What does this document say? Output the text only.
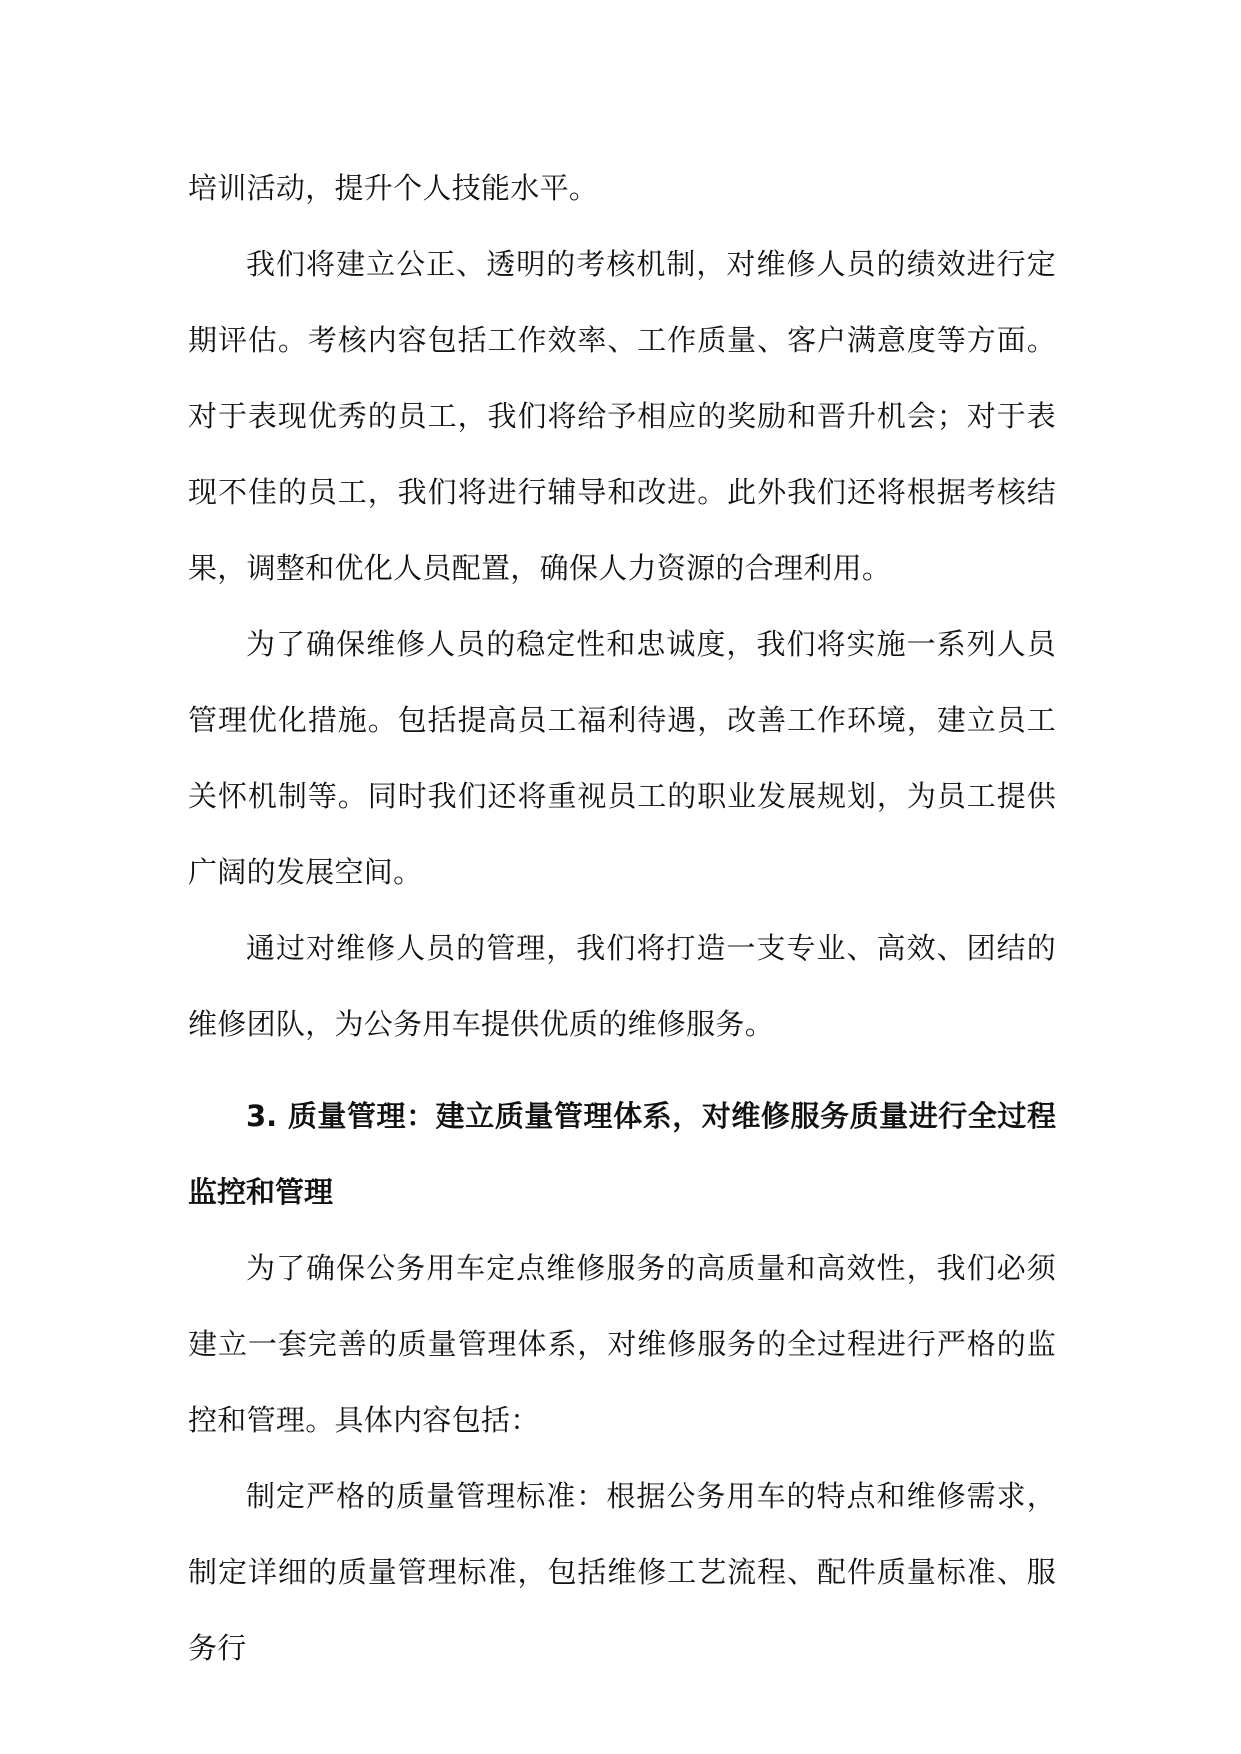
培训活动，提升个人技能水平。

我们将建立公正、透明的考核机制，对维修人员的绩效进行定期评估。考核内容包括工作效率、工作质量、客户满意度等方面。对于表现优秀的员工，我们将给予相应的奖励和晋升机会；对于表现不佳的员工，我们将进行辅导和改进。此外我们还将根据考核结果，调整和优化人员配置，确保人力资源的合理利用。

为了确保维修人员的稳定性和忠诚度，我们将实施一系列人员管理优化措施。包括提高员工福利待遇，改善工作环境，建立员工关怀机制等。同时我们还将重视员工的职业发展规划，为员工提供广阔的发展空间。

通过对维修人员的管理，我们将打造一支专业、高效、团结的维修团队，为公务用车提供优质的维修服务。

3. 质量管理：建立质量管理体系，对维修服务质量进行全过程监控和管理

为了确保公务用车定点维修服务的高质量和高效性，我们必须建立一套完善的质量管理体系，对维修服务的全过程进行严格的监控和管理。具体内容包括：

制定严格的质量管理标准：根据公务用车的特点和维修需求，制定详细的质量管理标准，包括维修工艺流程、配件质量标准、服务行
